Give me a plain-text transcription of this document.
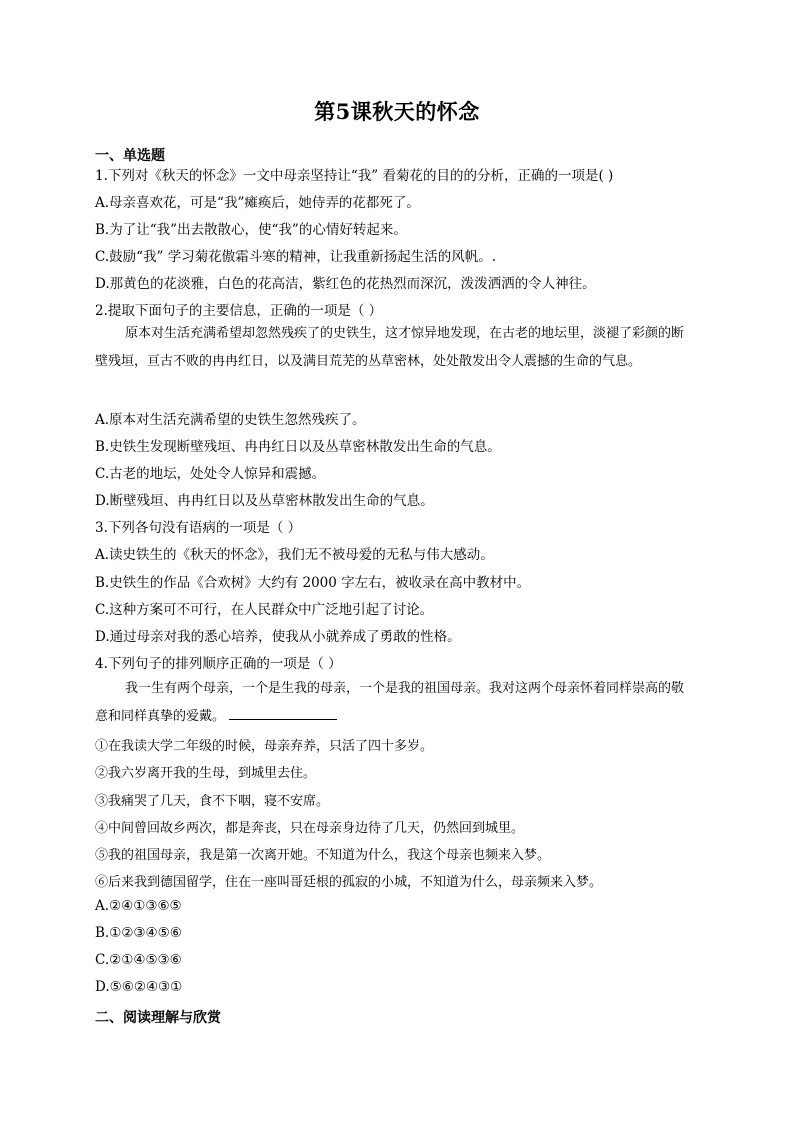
第5课秋天的怀念
一、单选题
1.下列对《秋天的怀念》一文中母亲坚持让“我” 看菊花的目的的分析，正确的一项是( )
A.母亲喜欢花，可是“我”瘫痪后，她侍弄的花都死了。
B.为了让“我”出去散散心，使“我”的心情好转起来。
C.鼓励“我” 学习菊花傲霜斗寒的精神，让我重新扬起生活的风帆。.
D.那黄色的花淡雅，白色的花高洁，紫红色的花热烈而深沉，泼泼洒洒的令人神往。
2.提取下面句子的主要信息，正确的一项是（ ）
原本对生活充满希望却忽然残疾了的史铁生，这才惊异地发现，在古老的地坛里，淡褪了彩颜的断壁残垣，亘古不败的冉冉红日，以及满目荒芜的丛草密林，处处散发出令人震撼的生命的气息。
A.原本对生活充满希望的史铁生忽然残疾了。
B.史铁生发现断壁残垣、冉冉红日以及丛草密林散发出生命的气息。
C.古老的地坛，处处令人惊异和震撼。
D.断壁残垣、冉冉红日以及丛草密林散发出生命的气息。
3.下列各句没有语病的一项是（ ）
A.读史铁生的《秋天的怀念》，我们无不被母爱的无私与伟大感动。
B.史铁生的作品《合欢树》大约有 2000 字左右，被收录在高中教材中。
C.这种方案可不可行，在人民群众中广泛地引起了讨论。
D.通过母亲对我的悉心培养，使我从小就养成了勇敢的性格。
4.下列句子的排列顺序正确的一项是（ ）
我一生有两个母亲，一个是生我的母亲，一个是我的祖国母亲。我对这两个母亲怀着同样崇高的敬意和同样真挚的爱戴。
①在我读大学二年级的时候，母亲弃养，只活了四十多岁。
②我六岁离开我的生母，到城里去住。
③我痛哭了几天，食不下咽，寝不安席。
④中间曾回故乡两次，都是奔丧，只在母亲身边待了几天，仍然回到城里。
⑤我的祖国母亲，我是第一次离开她。不知道为什么，我这个母亲也频来入梦。
⑥后来我到德国留学，住在一座叫哥廷根的孤寂的小城，不知道为什么，母亲频来入梦。
A.②④①③⑥⑤
B.①②③④⑤⑥
C.②①④⑤③⑥
D.⑤⑥②④③①
二、阅读理解与欣赏
